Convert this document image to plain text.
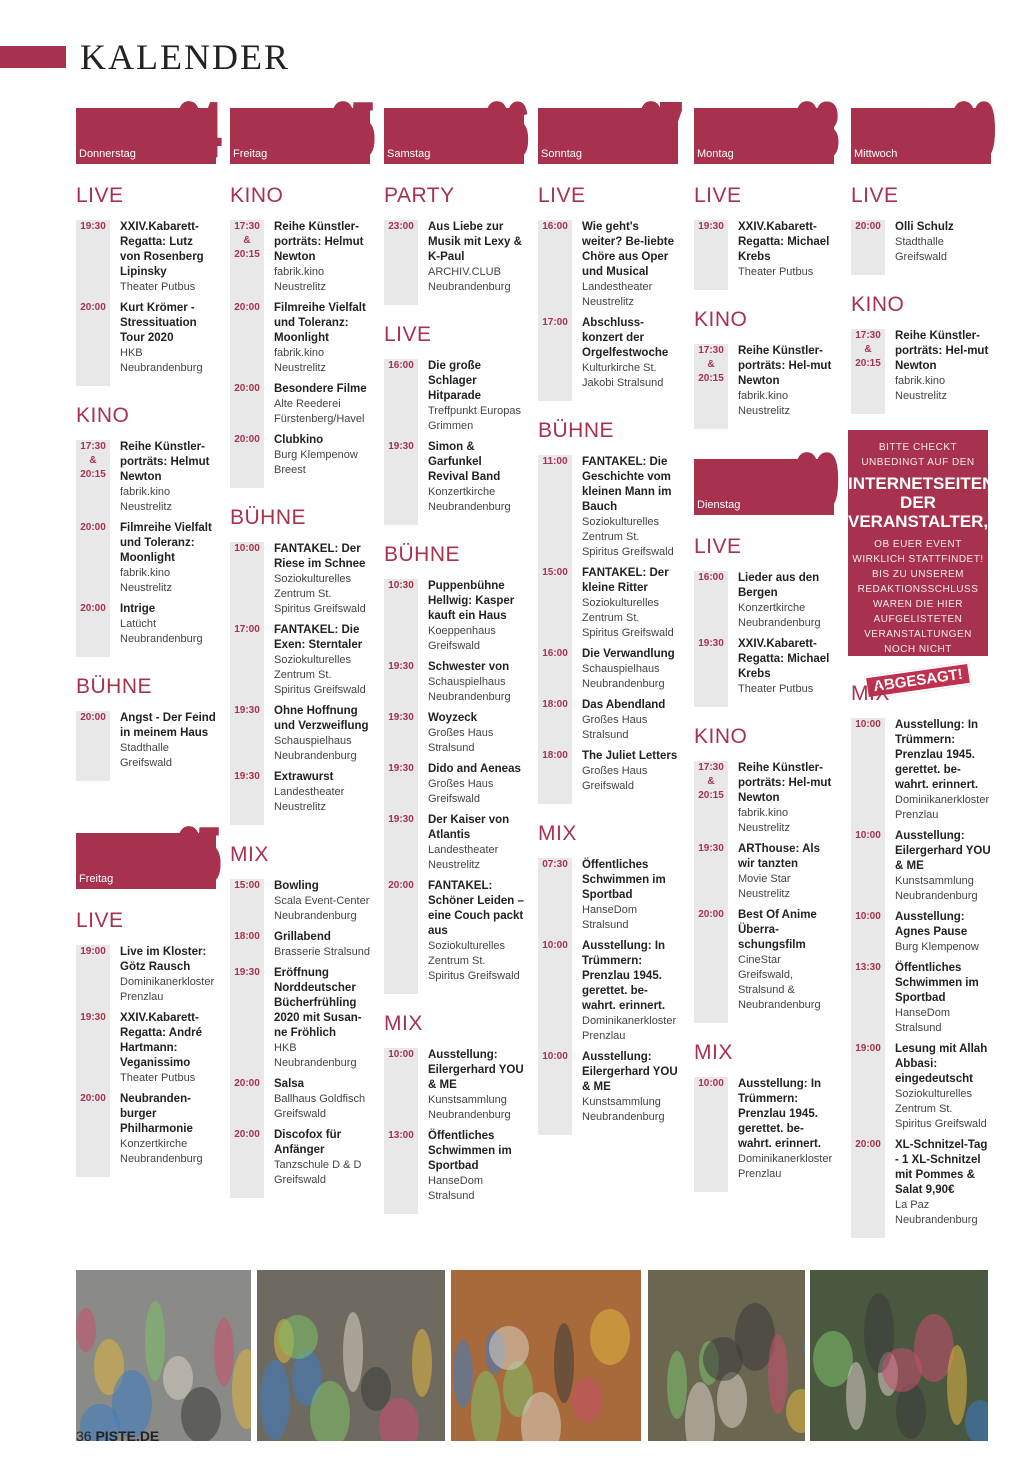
KALENDER
Donnerstag 24
LIVE
19:30	XXIV.Kabarett-Regatta: Lutz von Rosenberg Lipinsky
Theater Putbus
20:00	Kurt Krömer - Stressituation Tour 2020
HKB Neubrandenburg
KINO
17:30 & 20:15
Reihe Künstler-porträts: Helmut Newton
fabrik.kino Neustrelitz
20:00	Filmreihe Vielfalt und Toleranz: Moonlight
fabrik.kino Neustrelitz
20:00	Intrige
Latücht Neubrandenburg
BÜHNE
20:00	Angst - Der Feind in meinem Haus
Stadthalle Greifswald
Freitag 25
LIVE
19:00	Live im Kloster: Götz Rausch
Dominikanerkloster Prenzlau
19:30	XXIV.Kabarett-Regatta: André Hartmann: Veganissimo
Theater Putbus
20:00	Neubranden-burger Philharmonie
Konzertkirche Neubrandenburg
Freitag 25
KINO
17:30 & 20:15
Reihe Künstler-porträts: Helmut Newton
fabrik.kino Neustrelitz
20:00	Filmreihe Vielfalt und Toleranz: Moonlight
fabrik.kino Neustrelitz
20:00	Besondere Filme
Alte Reederei Fürstenberg/Havel
20:00	Clubkino
Burg Klempenow Breest
BÜHNE
10:00	FANTAKEL: Der Riese im Schnee
Soziokulturelles Zentrum St. Spiritus Greifswald
17:00	FANTAKEL: Die Exen: Sterntaler
Soziokulturelles Zentrum St. Spiritus Greifswald
19:30	Ohne Hoffnung und Verzweiflung
Schauspielhaus Neubrandenburg
19:30	Extrawurst
Landestheater Neustrelitz
MIX
15:00	Bowling
Scala Event-Center Neubrandenburg
18:00	Grillabend
Brasserie Stralsund
19:30	Eröffnung Norddeutscher Bücherfrühling 2020 mit Susan-ne Fröhlich
HKB Neubrandenburg
20:00	Salsa
Ballhaus Goldfisch Greifswald
20:00	Discofox für Anfänger
Tanzschule D & D Greifswald
Samstag 26
PARTY
23:00	Aus Liebe zur Musik mit Lexy & K-Paul
ARCHIV.CLUB Neubrandenburg
LIVE
16:00	Die große Schlager Hitparade
Treffpunkt Europas Grimmen
19:30	Simon & Garfunkel Revival Band
Konzertkirche Neubrandenburg
BÜHNE
10:30	Puppenbühne Hellwig: Kasper kauft ein Haus
Koeppenhaus Greifswald
19:30	Schwester von
Schauspielhaus Neubrandenburg
19:30	Woyzeck
Großes Haus Stralsund
19:30	Dido and Aeneas
Großes Haus Greifswald
19:30	Der Kaiser von Atlantis
Landestheater Neustrelitz
20:00	FANTAKEL: Schöner Leiden – eine Couch packt aus
Soziokulturelles Zentrum St. Spiritus Greifswald
MIX
10:00	Ausstellung: Eilergerhard YOU & ME
Kunstsammlung Neubrandenburg
13:00	Öffentliches Schwimmen im Sportbad
HanseDom Stralsund
Sonntag 27
LIVE
16:00	Wie geht's weiter? Be-liebte Chöre aus Oper und Musical
Landestheater Neustrelitz
17:00	Abschluss-konzert der Orgelfestwoche
Kulturkirche St. Jakobi Stralsund
BÜHNE
11:00	FANTAKEL: Die Geschichte vom kleinen Mann im Bauch
Soziokulturelles Zentrum St. Spiritus Greifswald
15:00	FANTAKEL: Der kleine Ritter
Soziokulturelles Zentrum St. Spiritus Greifswald
16:00	Die Verwandlung
Schauspielhaus Neubrandenburg
18:00	Das Abendland
Großes Haus Stralsund
18:00	The Juliet Letters
Großes Haus Greifswald
MIX
07:30	Öffentliches Schwimmen im Sportbad
HanseDom Stralsund
10:00	Ausstellung: In Trümmern: Prenzlau 1945. gerettet. be-wahrt. erinnert.
Dominikanerkloster Prenzlau
10:00	Ausstellung: Eilergerhard YOU & ME
Kunstsammlung Neubrandenburg
Montag 28
LIVE
19:30	XXIV.Kabarett-Regatta: Michael Krebs
Theater Putbus
KINO
17:30 & 20:15
Reihe Künstler-porträts: Hel-mut Newton
fabrik.kino Neustrelitz
Dienstag 29
LIVE
16:00	Lieder aus den Bergen
Konzertkirche Neubrandenburg
19:30	XXIV.Kabarett-Regatta: Michael Krebs
Theater Putbus
KINO
17:30 & 20:15
Reihe Künstler-porträts: Hel-mut Newton
fabrik.kino Neustrelitz
19:30	ARThouse: Als wir tanzten
Movie Star Neustrelitz
20:00	Best Of Anime Überra-schungsfilm
CineStar Greifswald, Stralsund & Neubrandenburg
MIX
10:00	Ausstellung: In Trümmern: Prenzlau 1945. gerettet. be-wahrt. erinnert.
Dominikanerkloster Prenzlau
Mittwoch 30
LIVE
20:00	Olli Schulz
Stadthalle Greifswald
KINO
17:30 & 20:15
Reihe Künstler-porträts: Hel-mut Newton
fabrik.kino Neustrelitz
BITTE CHECKT UNBEDINGT AUF DEN
INTERNETSEITEN DER VERANSTALTER,
OB EUER EVENT WIRKLICH STATTFINDET! BIS ZU UNSEREM REDAKTIONSSCHLUSS WAREN DIE HIER AUFGELISTETEN VERANSTALTUNGEN NOCH NICHT
ABGESAGT!
MIX
10:00	Ausstellung: In Trümmern: Prenzlau 1945. gerettet. be-wahrt. erinnert.
Dominikanerkloster Prenzlau
10:00	Ausstellung: Eilergerhard YOU & ME
Kunstsammlung Neubrandenburg
10:00	Ausstellung: Agnes Pause
Burg Klempenow
13:30	Öffentliches Schwimmen im Sportbad
HanseDom Stralsund
19:00	Lesung mit Allah Abbasi: eingedeutscht
Soziokulturelles Zentrum St. Spiritus Greifswald
20:00	XL-Schnitzel-Tag - 1 XL-Schnitzel mit Pommes & Salat 9,90€
La Paz Neubrandenburg
36 PISTE.DE
